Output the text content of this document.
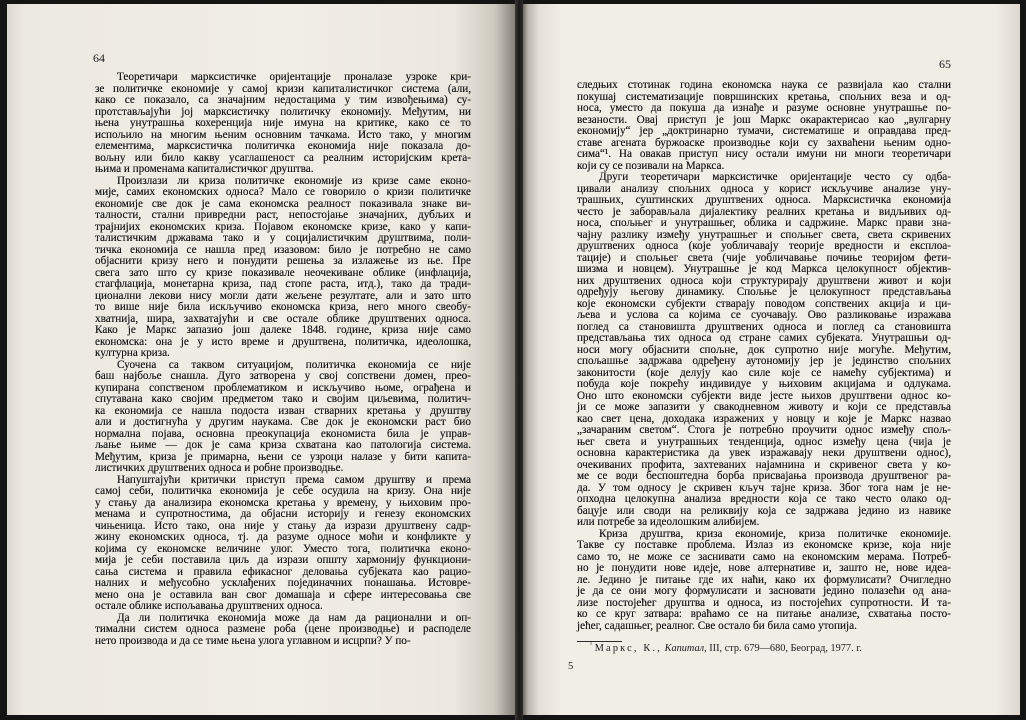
64
Теоретичари марксистичке оријентације проналазе узроке кри-
зе политичке економије у самој кризи капиталистичког система (али,
како се показало, са значајним недостацима у тим извођењима) су-
протстављајући јој марксистичку политичку економију. Међутим, ни
њена унутрашња кохеренција није имуна на критике, како се то
испољило на многим њеним основним тачкама. Исто тако, у многим
елементима, марксистичка политичка економија није показала до-
вољну или било какву усаглашеност са реалним историјским крета-
њима и променама капиталистичког друштва.
Произлази ли криза политичке економије из кризе саме еконо-
мије, самих економских односа? Мало се говорило о кризи политичке
економије све док је сама економска реалност показивала знаке ви-
талности, стални привредни раст, непостојање значајних, дубљих и
трајнијих економских криза. Појавом економске кризе, како у капи-
талистичким државама тако и у социјалистичким друштвима, поли-
тичка економија се нашла пред изазовом: било је потребно не само
објаснити кризу него и понудити решења за излажење из ње. Пре
свега зато што су кризе показивале неочекиване облике (инфлација,
стагфлација, монетарна криза, пад стопе раста, итд.), тако да тради-
ционални лекови нису могли дати жељене резултате, али и зато што
то више није била искључиво економска криза, него много свеобу-
хватнија, шира, захватајући и све остале облике друштвених односа.
Како је Маркс запазио још далеке 1848. године, криза није само
економска: она је у исто време и друштвена, политичка, идеолошка,
културна криза.
Суочена са таквом ситуацијом, политичка економија се није
баш најбоље снашла. Дуго затворена у свој сопствени домен, прео-
купирана сопственом проблематиком и искључиво њоме, ограђена и
спутавана како својим предметом тако и својим циљевима, политич-
ка економија се нашла подоста изван стварних кретања у друштву
али и достигнућа у другим наукама. Све док је економски раст био
нормална појава, основна преокупација економиста била је управ-
љање њиме — док је сама криза схватана као патологија система.
Међутим, криза је примарна, њени се узроци налазе у бити капита-
листичких друштвених односа и робне производње.
Напуштајући критички приступ према самом друштву и према
самој себи, политичка економија је себе осудила на кризу. Она није
у стању да анализира економска кретања у времену, у њиховим про-
менама и супротностима, да објасни историју и генезу економских
чињеница. Исто тако, она није у стању да изрази друштвену садр-
жину економских односа, тј. да разуме односе моћи и конфликте у
којима су економске величине улог. Уместо тога, политичка еконо-
мија је себи поставила циљ да изрази општу хармонију функциони-
сања система и правила ефикасног деловања субјеката као рацио-
налних и међусобно усклађених појединачних понашања. Истовре-
мено она је оставила ван свог домашаја и сфере интересовања све
остале облике испољавања друштвених односа.
Да ли политичка економија може да нам да рационални и оп-
тимални систем односа размене роба (цене производње) и расподеле
нето производа и да се тиме њена улога углавном и исцрпи? У по-
65
следњих стотинак година економска наука се развијала као стални
покушај систематизације површинских кретања, спољних веза и од-
носа, уместо да покуша да изнађе и разуме основне унутрашње по-
везаности. Овај приступ је још Маркс окарактерисао као „вулгарну
економију“ јер „доктринарно тумачи, систематише и оправдава пред-
ставе агената буржоаске производње који су захваћени њеним одно-
сима“¹. На овакав приступ нису остали имуни ни многи теоретичари
који су се позивали на Маркса.
Други теоретичари марксистичке оријентације често су одба-
цивали анализу спољних односа у корист искључиве анализе уну-
трашњих, суштинских друштвених односа. Марксистичка економија
често је заборављала дијалектику реалних кретања и видљивих од-
носа, спољњег и унутрашњег, облика и садржине. Маркс прави зна-
чајну разлику између унутрашњег и спољњег света, света скривених
друштвених односа (које уобличавају теорије вредности и експлоа-
тације) и спољњег света (чије уобличавање почиње теоријом фети-
шизма и новцем). Унутрашње је код Маркса целокупност објектив-
них друштвених односа који структурирају друштвени живот и који
одређују његову динамику. Спољње је целокупност представљања
које економски субјекти стварају поводом сопствених акција и ци-
љева и услова са којима се суочавају. Ово разликовање изражава
поглед са становишта друштвених односа и поглед са становишта
представљања тих односа од стране самих субјеката. Унутрашњи од-
носи могу објаснити спољне, док супротно није могуће. Међутим,
спољашње задржава одређену аутономију јер је јединство спољних
законитости (које делују као силе које се намећу субјектима) и
побуда које покрећу индивидуе у њиховим акцијама и одлукама.
Оно што економски субјекти виде јесте њихов друштвени однос ко-
ји се може запазити у свакодневном животу и који се представља
као свет цена, доходака изражених у новцу и које је Маркс назвао
„зачараним светом“. Стога је потребно проучити однос између спољ-
њег света и унутрашњих тенденција, однос између цена (чија је
основна карактеристика да увек изражавају неки друштвени однос),
очекиваних профита, захтеваних најамнина и скривеног света у ко-
ме се води беспоштедна борба присвајања производа друштвеног ра-
да. У том односу је скривен кључ тајне криза. Због тога нам је не-
опходна целокупна анализа вредности која се тако често олако од-
бацује или своди на реликвију која се задржава једино из навике
или потребе за идеолошким алибијем.
Криза друштва, криза економије, криза политичке економије.
Такве су поставке проблема. Излаз из економске кризе, која није
само то, не може се заснивати само на економским мерама. Потреб-
но је понудити нове идеје, нове алтернативе и, зашто не, нове идеа-
ле. Једино је питање где их наћи, како их формулисати? Очигледно
је да се они могу формулисати и засновати једино полазећи од ана-
лизе постојећег друштва и односа, из постојећих супротности. И та-
ко се круг затвара: враћамо се на питање анализе, схватања посто-
јећег, садашњег, реалног. Све остало би била само утопија.
$^{^1}$ Маркс, К., Капитал, III, стр. 679—680, Београд, 1977. г.
5
